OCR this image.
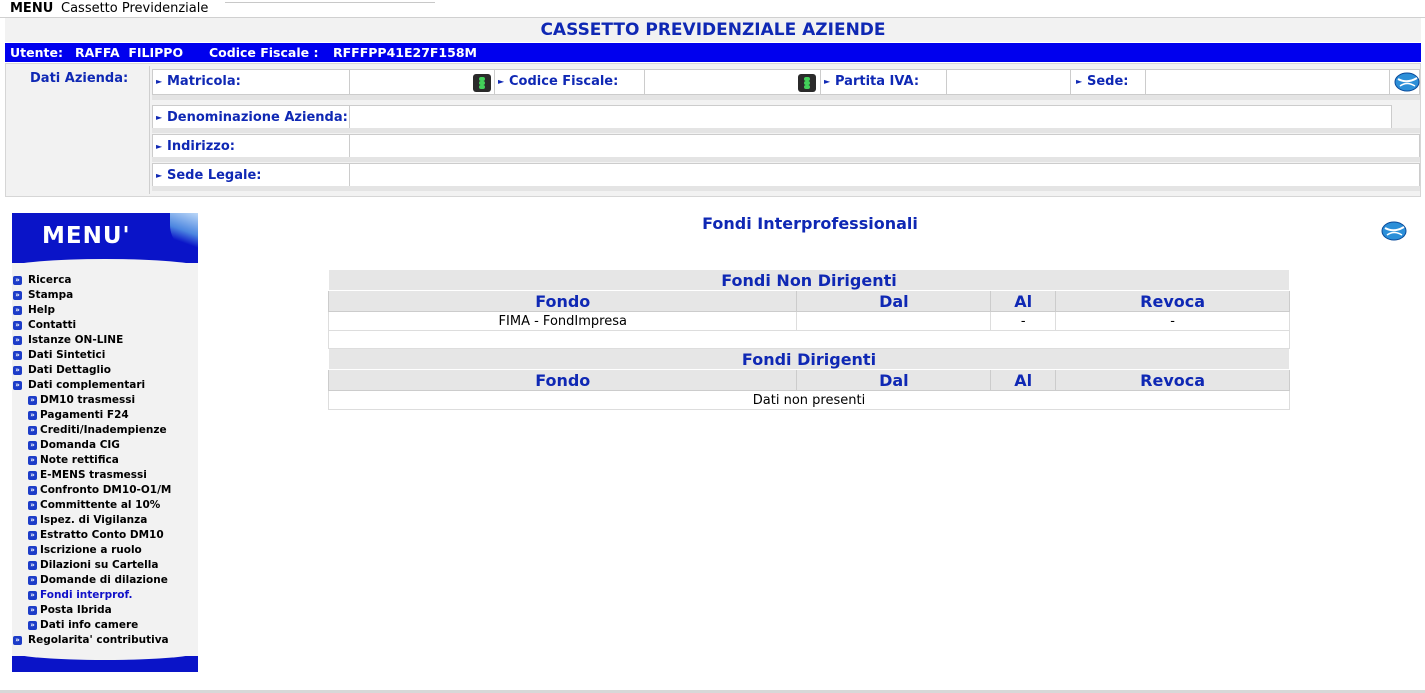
MENU Cassetto Previdenziale
CASSETTO PREVIDENZIALE AZIENDE
Utente: RAFFA  FILIPPO Codice Fiscale : RFFFPP41E27F158M
Dati Azienda:	► Matricola:	► Codice Fiscale:	► Partita IVA:	► Sede:
► Denominazione Azienda:
► Indirizzo:
► Sede Legale:
MENU'
» Ricerca
» Stampa
» Help
» Contatti
» Istanze ON-LINE
» Dati Sintetici
» Dati Dettaglio
» Dati complementari
» DM10 trasmessi
» Pagamenti F24
» Crediti/Inadempienze
» Domanda CIG
» Note rettifica
» E-MENS trasmessi
» Confronto DM10-O1/M
» Committente al 10%
» Ispez. di Vigilanza
» Estratto Conto DM10
» Iscrizione a ruolo
» Dilazioni su Cartella
» Domande di dilazione
» Fondi interprof.
» Posta Ibrida
» Dati info camere
» Regolarita' contributiva
Fondi Interprofessionali
Fondi Non Dirigenti			
Fondo	Dal	Al	Revoca
FIMA - FondImpresa		-	-

Fondi Dirigenti			
Fondo	Dal	Al	Revoca
Dati non presenti			
